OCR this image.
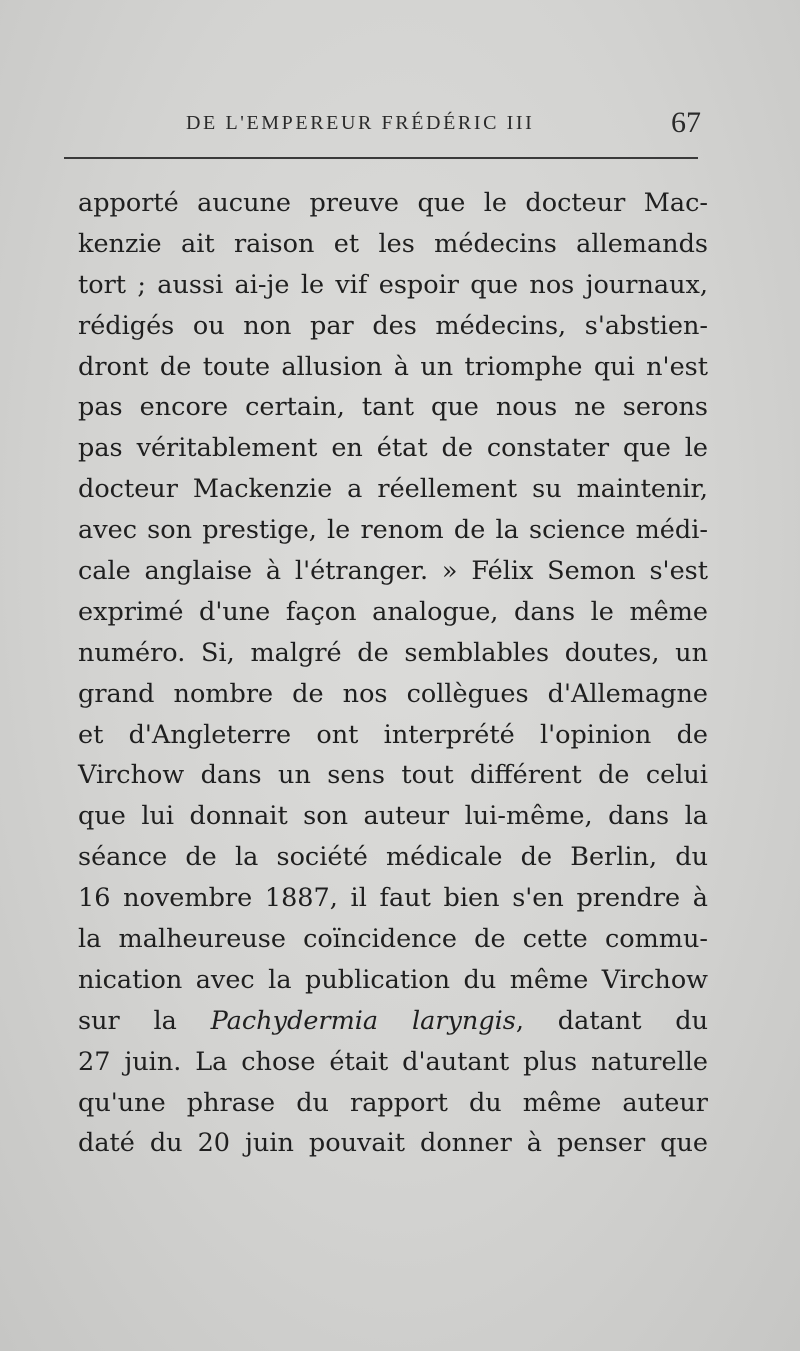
DE L'EMPEREUR FRÉDÉRIC III	67
apporté aucune preuve que le docteur Mac-
kenzie ait raison et les médecins allemands
tort ; aussi ai-je le vif espoir que nos journaux,
rédigés ou non par des médecins, s'abstien-
dront de toute allusion à un triomphe qui n'est
pas encore certain, tant que nous ne serons
pas véritablement en état de constater que le
docteur Mackenzie a réellement su maintenir,
avec son prestige, le renom de la science médi-
cale anglaise à l'étranger. » Félix Semon s'est
exprimé d'une façon analogue, dans le même
numéro. Si, malgré de semblables doutes, un
grand nombre de nos collègues d'Allemagne
et d'Angleterre ont interprété l'opinion de
Virchow dans un sens tout différent de celui
que lui donnait son auteur lui-même, dans la
séance de la société médicale de Berlin, du
16 novembre 1887, il faut bien s'en prendre à
la malheureuse coïncidence de cette commu-
nication avec la publication du même Virchow
sur la Pachydermia laryngis, datant du
27 juin. La chose était d'autant plus naturelle
qu'une phrase du rapport du même auteur
daté du 20 juin pouvait donner à penser que
